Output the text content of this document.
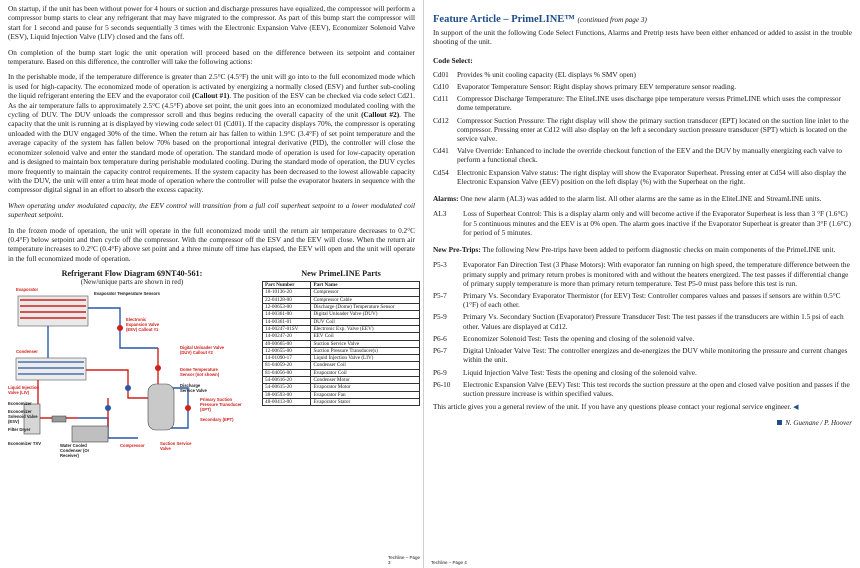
On startup, if the unit has been without power for 4 hours or suction and discharge pressures have equalized, the compressor will perform a compressor bump starts to clear any refrigerant that may have migrated to the compressor. As part of this bump start the compressor will start for 1 second and pause for 5 seconds sequentially 3 times with the Electronic Expansion Valve (EEV), Economizer Solenoid Valve (ESV), Liquid Injection Valve (LIV) closed and the fans off.

On completion of the bump start logic the unit operation will proceed based on the difference between its setpoint and container temperature. Based on this difference, the controller will take the following actions:

In the perishable mode, if the temperature difference is greater than 2.5°C (4.5°F) the unit will go into to the full economized mode which is used for high-capacity. The economized mode of operation is activated by energizing a normally closed (ESV) and further sub-cooling the liquid refrigerant entering the EEV and the evaporator coil (Callout #1). The position of the ESV can be checked via code select Cd21. As the air temperature falls to approximately 2.5°C (4.5°F) above set point, the unit goes into an economized modulated cooling with the cycling of DUV. The DUV unloads the compressor scroll and thus begins reducing the overall capacity of the unit (Callout #2). The capacity that the unit is running at is displayed by viewing code select 01 (Cd01). If the capacity displays 70%, the compressor is operating unloaded with the DUV engaged 30% of the time. When the return air has fallen to within 1.9°C (3.4°F) of set point temperature and the average capacity of the system has fallen below 70% based on the proportional integral derivative (PID), the controller will close the economizer solenoid valve and enter the standard mode of operation. The standard mode of operation is used for low-capacity operation and is designed to maintain box temperature during perishable modulated cooling. During the standard mode of operation, the DUV cycles more frequently to maintain the capacity control requirements. If the system capacity has been decreased to the lowest allowable capacity with the DUV, the unit will enter a trim heat mode of operation where the controller will pulse the evaporator heaters in sequence with the compressor digital signal in an effort to absorb the excess capacity.

When operating under modulated capacity, the EEV control will transition from a full coil superheat setpoint to a lower modulated coil superheat setpoint.

In the frozen mode of operation, the unit will operate in the full economized mode until the return air temperature decreases to 0.2°C (0.4°F) below setpoint and then cycle off the compressor. With the compressor off the ESV and the EEV will close. When the return air temperature increases to 0.2°C (0.4°F) above set point and a three minute off time has elapsed, the EEV will open and the unit will operate in the full economized mode of operation.

Refrigerant Flow Diagram 69NT40-561:
(New/unique parts are shown in red)
Evaporator
Evaporator Temperature Sensors
Electronic Expansion Valve (EEV) Callout #1
Condenser
Digital Unloader Valve (DUV) Callout #2
Liquid Injection Valve (LIV)
Dome Temperature Sensor (not shown)
Economizer
Economizer Solenoid Valve (ESV)
Discharge Service Valve
Primary Suction Pressure Transducer (SPT)
Secondary (EPT)
Filter Dryer
Economizer TXV	Water Cooled Condenser (Or Receiver)
Compressor	Suction Service Valve
New PrimeLINE Parts
Part Number	Part Name
18-10136-20	Compressor
22-04128-00	Compressor Cable
12-00653-00	Discharge (Dome) Temperature Sensor
14-00361-00	Digital Unloader Valve (DUV)
14-00361-01	DUV Coil
14-00247-01SV	Electronic Exp. Valve (EEV)
14-00247-20	EEV Coil
40-00665-00	Suction Service Valve
12-00655-00	Suction Pressure Transducer(s)
14-01090-17	Liquid Injection Valve (LIV)
81-04059-20	Condenser Coil
81-04056-00	Evaporator Coil
54-00616-20	Condenser Motor
54-00615-20	Evaporator Motor
38-00593-00	Evaporator Fan
48-00413-00	Evaporator Stator
Techline – Page 3
Feature Article – PrimeLINE™ (continued from page 3)

In support of the unit the following Code Select Functions, Alarms and Pretrip tests have been either enhanced or added to assist in the trouble shooting of the unit.

Code Select:
Cd01	Provides % unit cooling capacity (EL displays % SMV open)
Cd10	Evaporator Temperature Sensor: Right display shows primary EEV temperature sensor reading.
Cd11	Compressor Discharge Temperature: The EliteLINE uses discharge pipe temperature versus PrimeLINE which uses the compressor dome temperature.
Cd12	Compressor Suction Pressure: The right display will show the primary suction transducer (EPT) located on the suction line inlet to the compressor. Pressing enter at Cd12 will also display on the left a secondary suction pressure transducer (SPT) which is located on the service valve.
Cd41	Valve Override: Enhanced to include the override checkout function of the EEV and the DUV by manually energizing each valve to perform a functional check.
Cd54	Electronic Expansion Valve status: The right display will show the Evaporator Superheat. Pressing enter at Cd54 will also display the Electronic Expansion Valve (EEV) position on the left display (%) with the Superheat on the right.

Alarms: One new alarm (AL3) was added to the alarm list. All other alarms are the same as in the EliteLINE and StreamLINE units.

AL3	Loss of Superheat Control: This is a display alarm only and will become active if the Evaporator Superheat is less than 3 °F (1.6°C) for 5 continuous minutes and the EEV is at 0% open. The alarm goes inactive if the Evaporator Superheat is greater than 3°F (1.6°C) for period of 5 minutes.

New Pre-Trips: The following New Pre-trips have been added to perform diagnostic checks on main components of the PrimeLINE unit.

P5-3	Evaporator Fan Direction Test (3 Phase Motors): With evaporator fan running on high speed, the temperature difference between the primary supply and primary return probes is monitored with and without the heaters energized. The test passes if differential change of primary supply temperature is more than primary return temperature. Test P5-0 must pass before this test is run.
P5-7	Primary Vs. Secondary Evaporator Thermistor (for EEV) Test: Controller compares values and passes if sensors are within 0.5°C (1°F) of each other.
P5-9	Primary Vs. Secondary Suction (Evaporator) Pressure Transducer Test: The test passes if the transducers are within 1.5 psi of each other. Values are displayed at Cd12.
P6-6	Economizer Solenoid Test: Tests the opening and closing of the solenoid valve.
P6-7	Digital Unloader Valve Test: The controller energizes and de-energizes the DUV while monitoring the pressure and current changes within the unit.
P6-9	Liquid Injection Valve Test: Tests the opening and closing of the solenoid valve.
P6-10	Electronic Expansion Valve (EEV) Test: This test records the suction pressure at the open and closed valve position and passes if the suction pressure increase is within specified values.

This article gives you a general review of the unit. If you have any questions please contact your regional service engineer. ◀

N. Guenane / P. Hoover
Techline – Page 4
